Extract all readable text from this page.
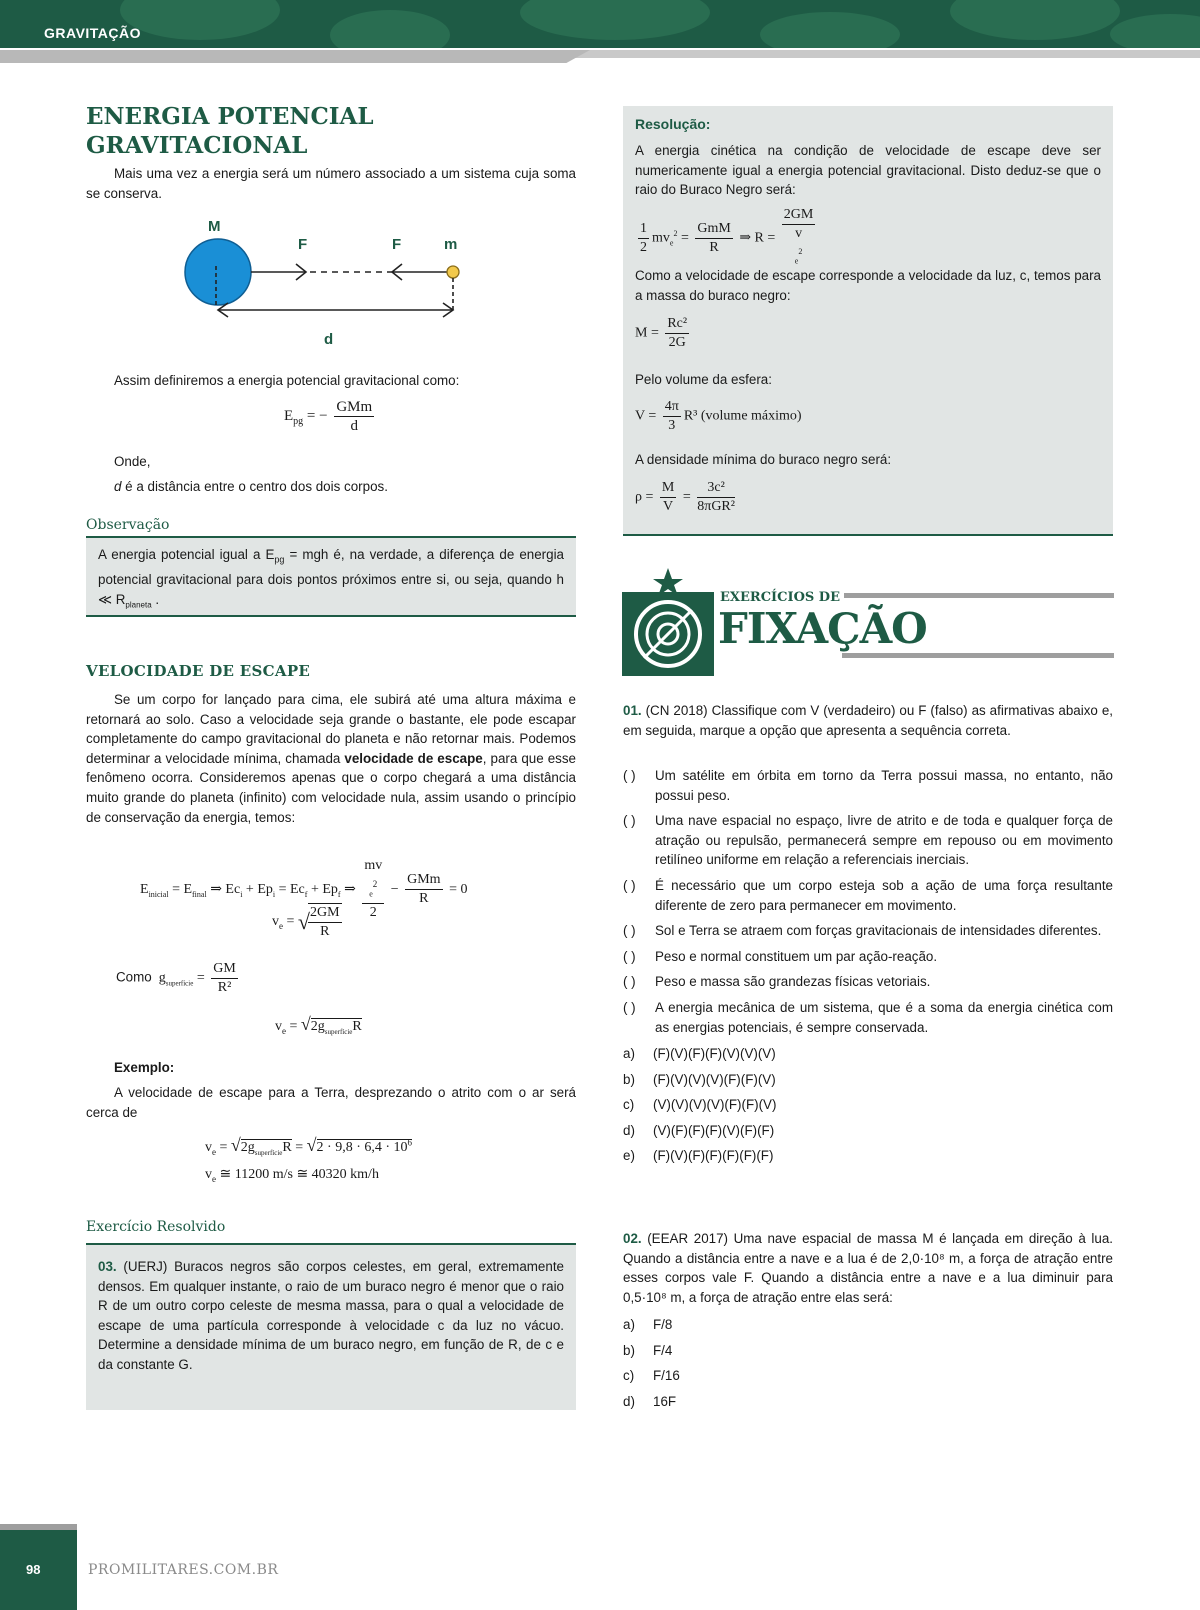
GRAVITAÇÃO
ENERGIA POTENCIAL
GRAVITACIONAL
Mais uma vez a energia será um número associado a um sistema cuja soma se conserva.
M
F	F	m
d
Assim definiremos a energia potencial gravitacional como:
$E_{pg}$ = − $\frac{\text{GMm}}{d}$
Onde,
d é a distância entre o centro dos dois corpos.
Observação
A energia potencial igual a $E_{pg}$ = mgh é, na verdade, a diferença de energia potencial gravitacional para dois pontos próximos entre si, ou seja, quando h ≪ $R_{planeta}$ .
VELOCIDADE DE ESCAPE
Se um corpo for lançado para cima, ele subirá até uma altura máxima e retornará ao solo. Caso a velocidade seja grande o bastante, ele pode escapar completamente do campo gravitacional do planeta e não retornar mais. Podemos determinar a velocidade mínima, chamada velocidade de escape, para que esse fenômeno ocorra. Consideremos apenas que o corpo chegará a uma distância muito grande do planeta (infinito) com velocidade nula, assim usando o princípio de conservação da energia, temos:
$E_{inicial} = E_{final}$ ⇒ $Ec_i + Ep_i = Ec_f + Ep_f$ ⇒ mv
$_e^2$
$2 - \frac{\text{GMm}}{R} = 0$
$v_e$ = √
$\frac{2GM}{R}$
Como $g_{superfície} = \frac{GM}{\text{R²}}$
$v_e = √2g_{superfície}R$
Exemplo:
A velocidade de escape para a Terra, desprezando o atrito com o ar será cerca de
$v_e = √2g_{superfície}R = √2 \cdot 9,8 \cdot 6,4 \cdot 10^6$
$v_e$ ≅ 11200 m/s ≅ 40320 km/h
Exercício Resolvido
03. (UERJ) Buracos negros são corpos celestes, em geral, extremamente densos. Em qualquer instante, o raio de um buraco negro é menor que o raio R de um outro corpo celeste de mesma massa, para o qual a velocidade de escape de uma partícula corresponde à velocidade c da luz no vácuo. Determine a densidade mínima de um buraco negro, em função de R, de c e da constante G.
Resolução:
A energia cinética na condição de velocidade de escape deve ser numericamente igual a energia potencial gravitacional. Disto deduz-se que o raio do Buraco Negro será:
$\frac{1}{2} mv_e^2 = \frac{\text{GmM}}{R}$ ⇒ R = 2GM
v
$_e^2$
Como a velocidade de escape corresponde a velocidade da luz, c, temos para a massa do buraco negro:
$M = \frac{\text{Rc²}}{2G}$
Pelo volume da esfera:
$V = \frac{4\pi}{3} R^3$ (volume máximo)
A densidade mínima do buraco negro será:
$\rho = \frac{M}{V} = \frac{\text{3c²}}{\text{8πGR²}}$
EXERCÍCIOS DE
FIXAÇÃO
01. (CN 2018) Classifique com V (verdadeiro) ou F (falso) as afirmativas abaixo e, em seguida, marque a opção que apresenta a sequência correta.
( )	Um satélite em órbita em torno da Terra possui massa, no entanto, não possui peso.
( )	Uma nave espacial no espaço, livre de atrito e de toda e qualquer força de atração ou repulsão, permanecerá sempre em repouso ou em movimento retilíneo uniforme em relação a referenciais inerciais.
( )	É necessário que um corpo esteja sob a ação de uma força resultante diferente de zero para permanecer em movimento.
( )	Sol e Terra se atraem com forças gravitacionais de intensidades diferentes.
( )	Peso e normal constituem um par ação-reação.
( )	Peso e massa são grandezas físicas vetoriais.
( )	A energia mecânica de um sistema, que é a soma da energia cinética com as energias potenciais, é sempre conservada.
a)	(F)(V)(F)(F)(V)(V)(V)
b)	(F)(V)(V)(V)(F)(F)(V)
c)	(V)(V)(V)(V)(F)(F)(V)
d)	(V)(F)(F)(F)(V)(F)(F)
e)	(F)(V)(F)(F)(F)(F)(F)
02. (EEAR 2017) Uma nave espacial de massa M é lançada em direção à lua. Quando a distância entre a nave e a lua é de 2,0·10⁸ m, a força de atração entre esses corpos vale F. Quando a distância entre a nave e a lua diminuir para 0,5·10⁸ m, a força de atração entre elas será:
a)	F/8
b)	F/4
c)	F/16
d)	16F
98	PROMILITARES.COM.BR
